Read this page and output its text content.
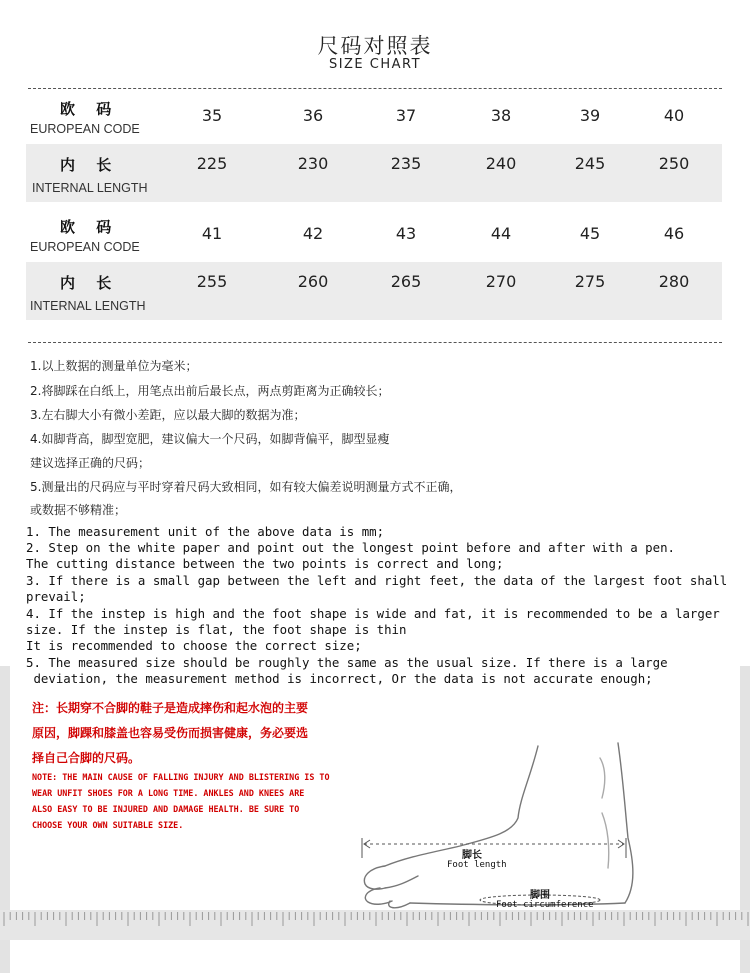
尺码对照表
SIZE CHART
欧 码
EUROPEAN CODE
35	36	37	38	39	40
内 长
INTERNAL LENGTH
225	230	235	240	245	250
欧 码
EUROPEAN CODE
41	42	43	44	45	46
内 长
INTERNAL LENGTH
255	260	265	270	275	280
1.以上数据的测量单位为毫米；
2.将脚踩在白纸上，用笔点出前后最长点，两点剪距离为正确较长；
3.左右脚大小有微小差距，应以最大脚的数据为准；
4.如脚背高，脚型宽肥，建议偏大一个尺码，如脚背偏平，脚型显瘦
建议选择正确的尺码；
5.测量出的尺码应与平时穿着尺码大致相同，如有较大偏差说明测量方式不正确，
或数据不够精准；
1. The measurement unit of the above data is mm;
2. Step on the white paper and point out the longest point before and after with a pen.
The cutting distance between the two points is correct and long;
3. If there is a small gap between the left and right feet, the data of the largest foot shall
prevail;
4. If the instep is high and the foot shape is wide and fat, it is recommended to be a larger
size. If the instep is flat, the foot shape is thin
It is recommended to choose the correct size;
5. The measured size should be roughly the same as the usual size. If there is a large
deviation, the measurement method is incorrect, Or the data is not accurate enough;
注：长期穿不合脚的鞋子是造成摔伤和起水泡的主要
原因，脚踝和膝盖也容易受伤而损害健康，务必要选
择自己合脚的尺码。
NOTE: THE MAIN CAUSE OF FALLING INJURY AND BLISTERING IS TO
WEAR UNFIT SHOES FOR A LONG TIME. ANKLES AND KNEES ARE
ALSO EASY TO BE INJURED AND DAMAGE HEALTH. BE SURE TO
CHOOSE YOUR OWN SUITABLE SIZE.
脚长
Foot length
脚围
Foot circumference
